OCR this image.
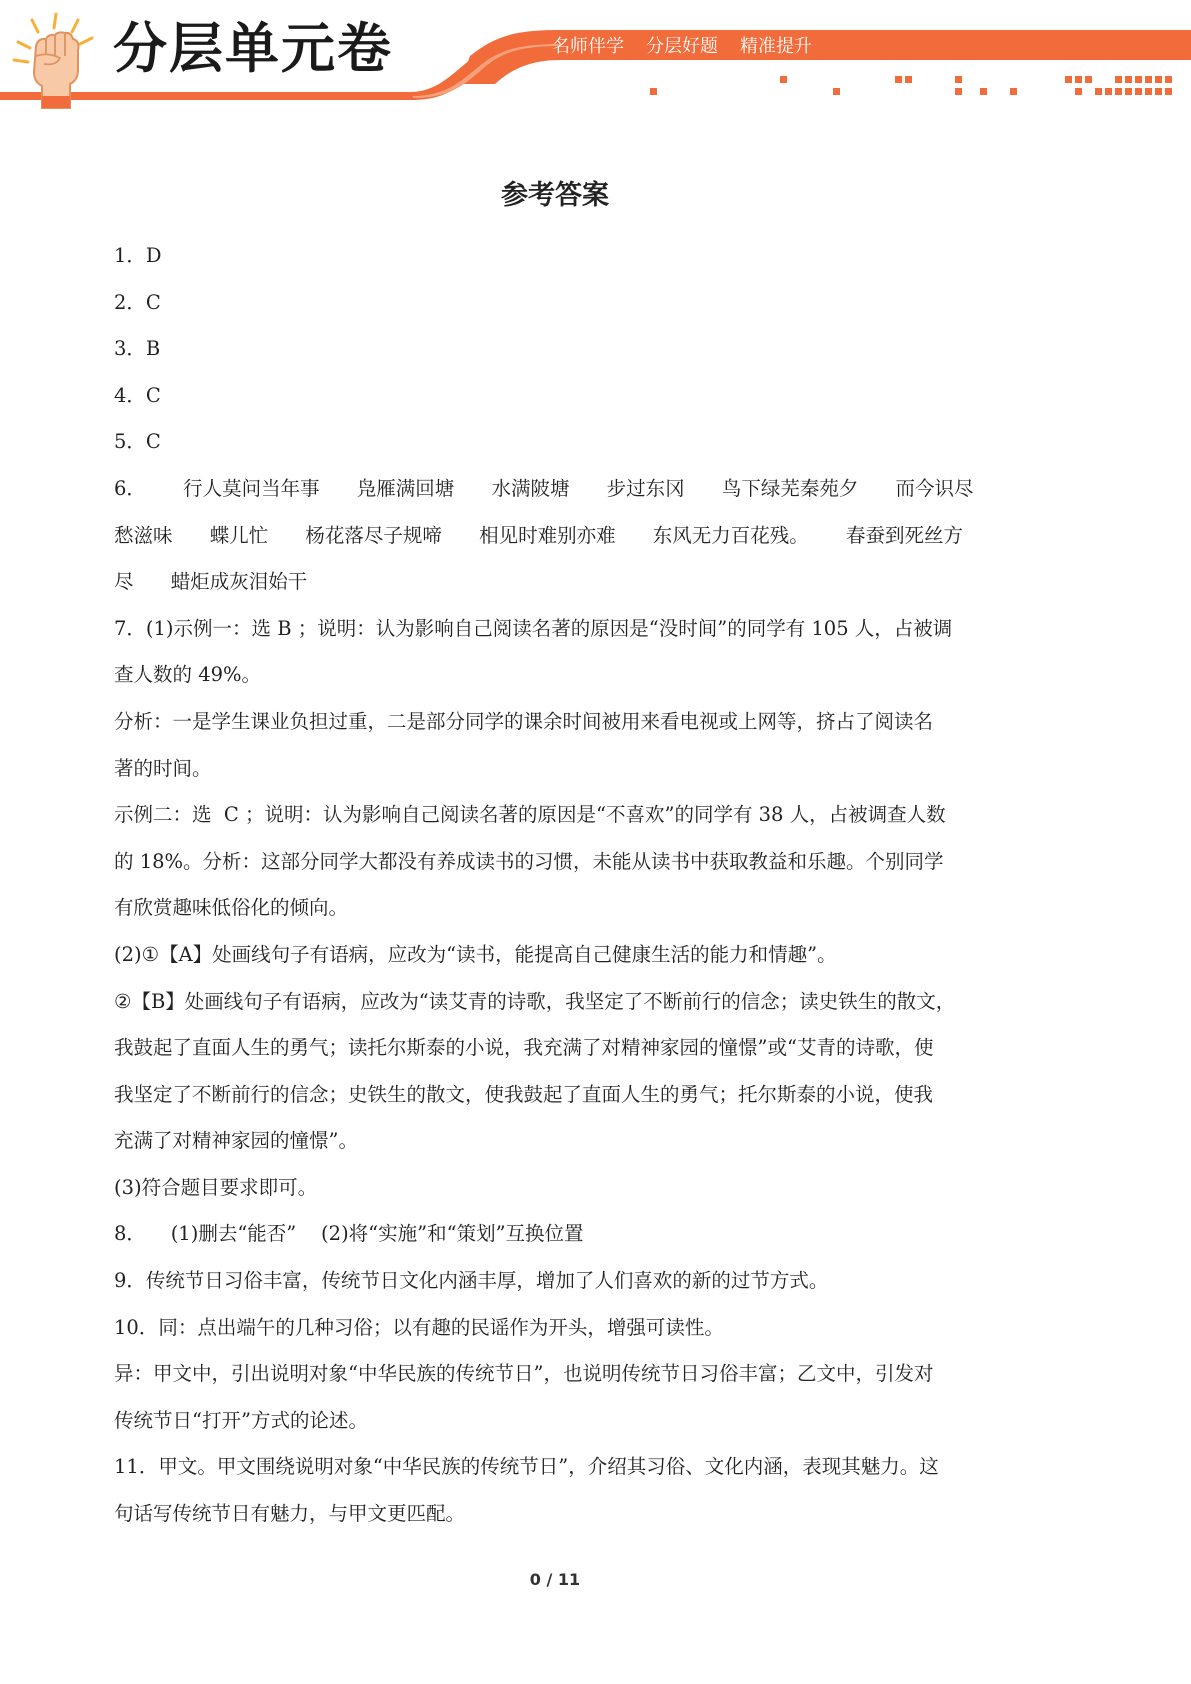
分层单元卷	名师伴学 分层好题 精准提升
参考答案
1．D
2．C
3．B
4．C
5．C
6．      行人莫问当年事      凫雁满回塘      水满陂塘      步过东冈      鸟下绿芜秦苑夕      而今识尽
愁滋味      蝶儿忙      杨花落尽子规啼      相见时难别亦难      东风无力百花残。      春蚕到死丝方
尽      蜡炬成灰泪始干
7．(1)示例一：选 B ；说明：认为影响自己阅读名著的原因是“没时间”的同学有 105 人，占被调
查人数的 49%。
分析：一是学生课业负担过重，二是部分同学的课余时间被用来看电视或上网等，挤占了阅读名
著的时间。
示例二：选  C ；说明：认为影响自己阅读名著的原因是“不喜欢”的同学有 38 人，占被调查人数
的 18%。分析：这部分同学大都没有养成读书的习惯，未能从读书中获取教益和乐趣。个别同学
有欣赏趣味低俗化的倾向。
(2)①【A】处画线句子有语病，应改为“读书，能提高自己健康生活的能力和情趣”。
②【B】处画线句子有语病，应改为“读艾青的诗歌，我坚定了不断前行的信念；读史铁生的散文，
我鼓起了直面人生的勇气；读托尔斯泰的小说，我充满了对精神家园的憧憬”或“艾青的诗歌，使
我坚定了不断前行的信念；史铁生的散文，使我鼓起了直面人生的勇气；托尔斯泰的小说，使我
充满了对精神家园的憧憬”。
(3)符合题目要求即可。
8．    (1)删去“能否”    (2)将“实施”和“策划”互换位置
9．传统节日习俗丰富，传统节日文化内涵丰厚，增加了人们喜欢的新的过节方式。
10．同：点出端午的几种习俗；以有趣的民谣作为开头，增强可读性。
异：甲文中，引出说明对象“中华民族的传统节日”，也说明传统节日习俗丰富；乙文中，引发对
传统节日“打开”方式的论述。
11．甲文。甲文围绕说明对象“中华民族的传统节日”，介绍其习俗、文化内涵，表现其魅力。这
句话写传统节日有魅力，与甲文更匹配。
0 / 11
